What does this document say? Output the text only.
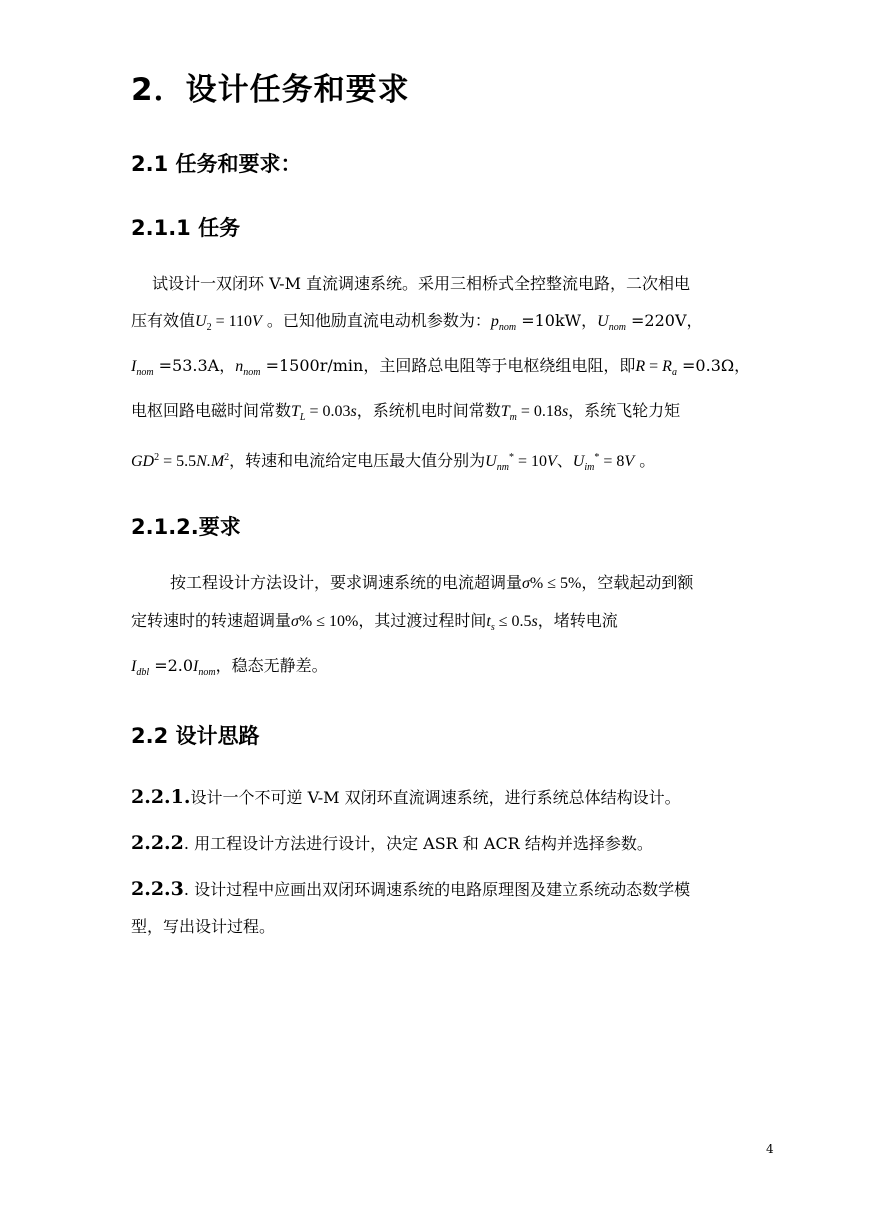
2．设计任务和要求
2.1 任务和要求：
2.1.1 任务
试设计一双闭环 V-M 直流调速系统。采用三相桥式全控整流电路，二次相电
压有效值$U_2 = 110V$ 。已知他励直流电动机参数为：$p_{nom} =10kW$，$U_{nom} =220V$，
$I_{nom} =53.3A$，$n_{nom} =1500r/\min$，主回路总电阻等于电枢绕组电阻，即$R = R_a =0.3\Omega$，
电枢回路电磁时间常数$T_L = 0.03s$，系统机电时间常数$T_m = 0.18s$，系统飞轮力矩
$GD^2 = 5.5N.M^2$，转速和电流给定电压最大值分别为$U_{nm}^* = 10V$、$U_{im}^* = 8V$ 。
2.1.2.要求
按工程设计方法设计，要求调速系统的电流超调量σ% ≤ 5%，空载起动到额
定转速时的转速超调量σ% ≤ 10%，其过渡过程时间$t_s \le 0.5s$，堵转电流
$I_{dbl} =2.0I_{nom}$，稳态无静差。
2.2 设计思路
2.2.1.设计一个不可逆 V-M 双闭环直流调速系统，进行系统总体结构设计。
2.2.2. 用工程设计方法进行设计，决定 ASR 和 ACR 结构并选择参数。
2.2.3. 设计过程中应画出双闭环调速系统的电路原理图及建立系统动态数学模
型，写出设计过程。
4
